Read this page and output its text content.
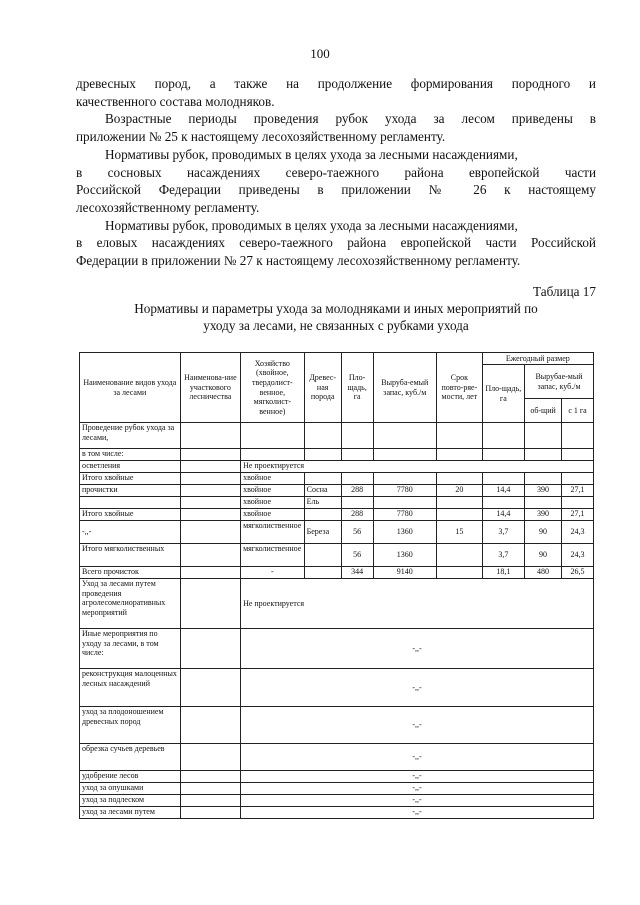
100

древесных пород, а также на продолжение формирования породного и

качественного состава молодняков.

Возрастные периоды проведения рубок ухода за лесом приведены в

приложении № 25 к настоящему лесохозяйственному регламенту.

Нормативы рубок, проводимых в целях ухода за лесными насаждениями,

в сосновых насаждениях северо-таежного района европейской части

Российской Федерации приведены в приложении № 26 к настоящему

лесохозяйственному регламенту.

Нормативы рубок, проводимых в целях ухода за лесными насаждениями,

в еловых насаждениях северо-таежного района европейской части Российской

Федерации в приложении № 27 к настоящему лесохозяйственному регламенту.

Таблица 17
Нормативы и параметры ухода за молодняками и иных мероприятий по
уходу за лесами, не связанных с рубками ухода
Наименование видов ухода за лесами	Наименова-ние участкового лесничества	Хозяйство (хвойное, твердолист-венное, мягколист-венное)	Древес-ная порода	Пло-щадь, га	Выруба-емый запас, куб./м	Срок повто-ряе-мости, лет	Ежегодный размер		
							Пло-щадь, га	Вырубае-мый запас, куб./м	
								об-щий	с 1 га
Проведение рубок ухода за лесами,									
в том числе:									
осветления		Не проектируется							
Итого хвойные		хвойное							
прочистки		хвойное	Сосна	288	7780	20	14,4	390	27,1
		хвойное	Ель						
Итого хвойные		хвойное		288	7780		14,4	390	27,1
-,,-		мягколиственное	Береза	56	1360	15	3,7	90	24,3
Итого мягколиственных		мягколиственное		56	1360		3,7	90	24,3
Всего прочисток		-		344	9140		18,1	480	26,5
Уход за лесами путем проведения агролесомелиоративных мероприятий		Не проектируется							
Иные мероприятия по уходу за лесами, в том числе:		-,,-							
реконструкция малоценных лесных насаждений		-,,-							
уход за плодоношением древесных пород		-,,-							
обрезка сучьев деревьев		-,,-							
удобрение лесов		-,,-							
уход за опушками		-,,-							
уход за подлеском		-,,-							
уход за лесами путем		-,,-							
